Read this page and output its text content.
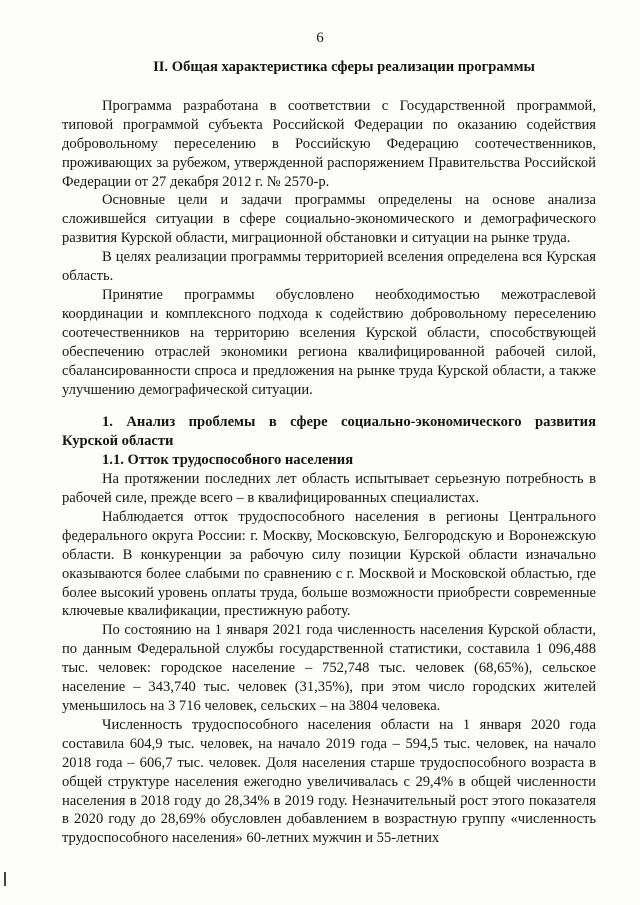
6
II. Общая характеристика сферы реализации программы

Программа разработана в соответствии с Государственной программой, типовой программой субъекта Российской Федерации по оказанию содействия добровольному переселению в Российскую Федерацию соотечественников, проживающих за рубежом, утвержденной распоряжением Правительства Российской Федерации от 27 декабря 2012 г. № 2570-р.

Основные цели и задачи программы определены на основе анализа сложившейся ситуации в сфере социально-экономического и демографического развития Курской области, миграционной обстановки и ситуации на рынке труда.

В целях реализации программы территорией вселения определена вся Курская область.

Принятие программы обусловлено необходимостью межотраслевой координации и комплексного подхода к содействию добровольному переселению соотечественников на территорию вселения Курской области, способствующей обеспечению отраслей экономики региона квалифицированной рабочей силой, сбалансированности спроса и предложения на рынке труда Курской области, а также улучшению демографической ситуации.

1. Анализ проблемы в сфере социально-экономического развития Курской области
1.1. Отток трудоспособного населения

На протяжении последних лет область испытывает серьезную потребность в рабочей силе, прежде всего – в квалифицированных специалистах.

Наблюдается отток трудоспособного населения в регионы Центрального федерального округа России: г. Москву, Московскую, Белгородскую и Воронежскую области. В конкуренции за рабочую силу позиции Курской области изначально оказываются более слабыми по сравнению с г. Москвой и Московской областью, где более высокий уровень оплаты труда, больше возможности приобрести современные ключевые квалификации, престижную работу.

По состоянию на 1 января 2021 года численность населения Курской области, по данным Федеральной службы государственной статистики, составила 1 096,488 тыс. человек: городское население – 752,748 тыс. человек (68,65%), сельское население – 343,740 тыс. человек (31,35%), при этом число городских жителей уменьшилось на 3 716 человек, сельских – на 3804 человека.

Численность трудоспособного населения области на 1 января 2020 года составила 604,9 тыс. человек, на начало 2019 года – 594,5 тыс. человек, на начало 2018 года – 606,7 тыс. человек. Доля населения старше трудоспособного возраста в общей структуре населения ежегодно увеличивалась с 29,4% в общей численности населения в 2018 году до 28,34% в 2019 году. Незначительный рост этого показателя в 2020 году до 28,69% обусловлен добавлением в возрастную группу «численность трудоспособного населения» 60-летних мужчин и 55-летних
